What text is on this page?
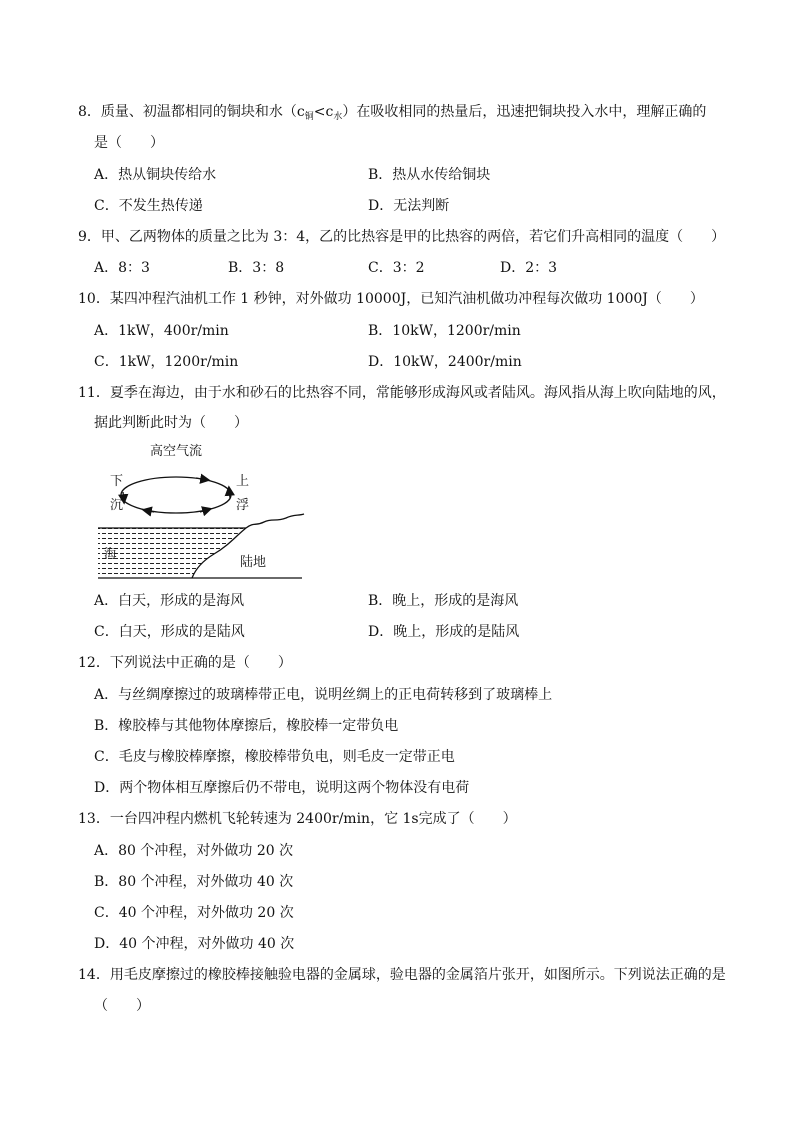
8．质量、初温都相同的铜块和水$(c_铜<c_水)$在吸收相同的热量后，迅速把铜块投入水中，理解正确的
是（　　）
A．热从铜块传给水	B．热从水传给铜块
C．不发生热传递	D．无法判断
9．甲、乙两物体的质量之比为 3：4，乙的比热容是甲的比热容的两倍，若它们升高相同的温度（　　）
A．8：3	B．3：8	C．3：2	D．2：3
10．某四冲程汽油机工作 1 秒钟，对外做功 10000J，已知汽油机做功冲程每次做功 1000J（　　）
A．1kW，400r/min	B．10kW，1200r/min
C．1kW，1200r/min	D．10kW，2400r/min
11．夏季在海边，由于水和砂石的比热容不同，常能够形成海风或者陆风。海风指从海上吹向陆地的风，
据此判断此时为（　　）
高空气流
下
沉
上
浮
海
陆地
A．白天，形成的是海风	B．晚上，形成的是海风
C．白天，形成的是陆风	D．晚上，形成的是陆风
12．下列说法中正确的是（　　）
A．与丝绸摩擦过的玻璃棒带正电，说明丝绸上的正电荷转移到了玻璃棒上
B．橡胶棒与其他物体摩擦后，橡胶棒一定带负电
C．毛皮与橡胶棒摩擦，橡胶棒带负电，则毛皮一定带正电
D．两个物体相互摩擦后仍不带电，说明这两个物体没有电荷
13．一台四冲程内燃机飞轮转速为 2400r/min，它 1s完成了（　　）
A．80 个冲程，对外做功 20 次
B．80 个冲程，对外做功 40 次
C．40 个冲程，对外做功 20 次
D．40 个冲程，对外做功 40 次
14．用毛皮摩擦过的橡胶棒接触验电器的金属球，验电器的金属箔片张开，如图所示。下列说法正确的是
（　　）
